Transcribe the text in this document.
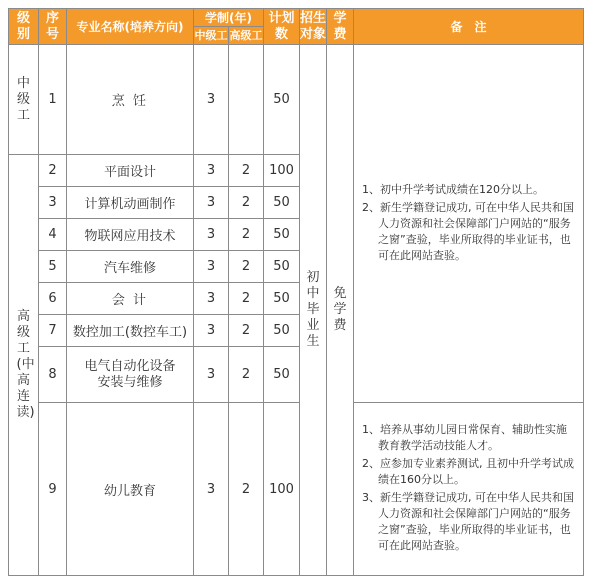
级别	序号	专业名称(培养方向)	学制(年)		计划数	招生对象	学费	备　注
			中级工	高级工				
中级工	1	烹 饪	3		50	初中毕业生	免学费	1、初中升学考试成绩在120分以上。

2、新生学籍登记成功, 可在中华人民共和国人力资源和社会保障部门户网站的“服务之窗”查验，毕业所取得的毕业证书，也可在此网站查验。

高级工(中高连读)	2	平面设计	3	2	100			
	3	计算机动画制作	3	2	50			
	4	物联网应用技术	3	2	50			
	5	汽车维修	3	2	50			
	6	会 计	3	2	50			
	7	数控加工(数控车工)	3	2	50			
	8	电气自动化设备
安装与维修	3	2	50			
	9	幼儿教育	3	2	100			1、培养从事幼儿园日常保育、辅助性实施教育教学活动技能人才。

2、应参加专业素养测试, 且初中升学考试成绩在160分以上。

3、新生学籍登记成功, 可在中华人民共和国人力资源和社会保障部门户网站的“服务之窗”查验，毕业所取得的毕业证书，也可在此网站查验。
